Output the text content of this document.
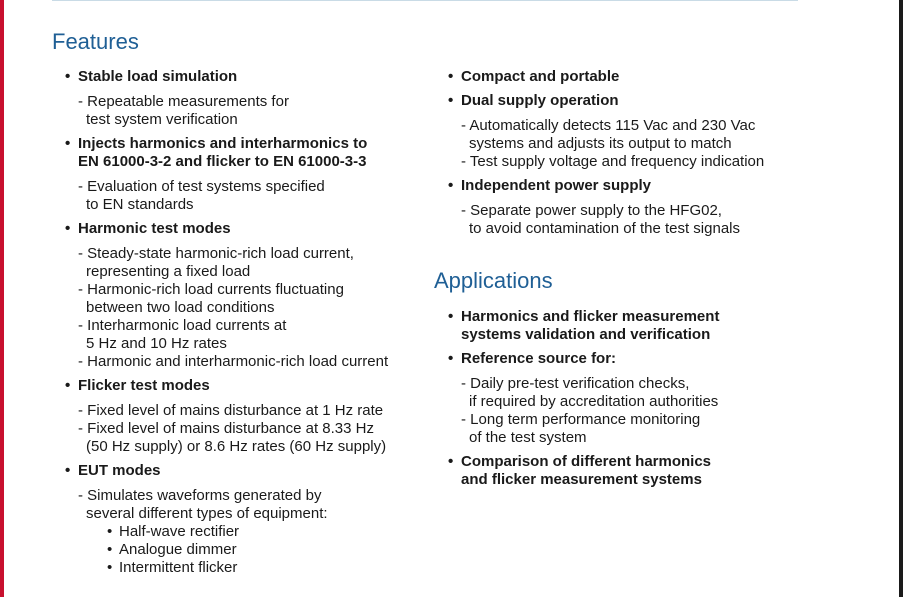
Features
• Stable load simulation
- Repeatable measurements for
test system verification
• Injects harmonics and interharmonics to
EN 61000-3-2 and flicker to EN 61000-3-3
- Evaluation of test systems specified
to EN standards
• Harmonic test modes
- Steady-state harmonic-rich load current,
representing a fixed load
- Harmonic-rich load currents fluctuating
between two load conditions
- Interharmonic load currents at
5 Hz and 10 Hz rates
- Harmonic and interharmonic-rich load current
• Flicker test modes
- Fixed level of mains disturbance at 1 Hz rate
- Fixed level of mains disturbance at 8.33 Hz
(50 Hz supply) or 8.6 Hz rates (60 Hz supply)
• EUT modes
- Simulates waveforms generated by
several different types of equipment:
• Half-wave rectifier
• Analogue dimmer
• Intermittent flicker
• Compact and portable
• Dual supply operation
- Automatically detects 115 Vac and 230 Vac
systems and adjusts its output to match
- Test supply voltage and frequency indication
• Independent power supply
- Separate power supply to the HFG02,
to avoid contamination of the test signals
Applications
• Harmonics and flicker measurement
systems validation and verification
• Reference source for:
- Daily pre-test verification checks,
if required by accreditation authorities
- Long term performance monitoring
of the test system
• Comparison of different harmonics
and flicker measurement systems
